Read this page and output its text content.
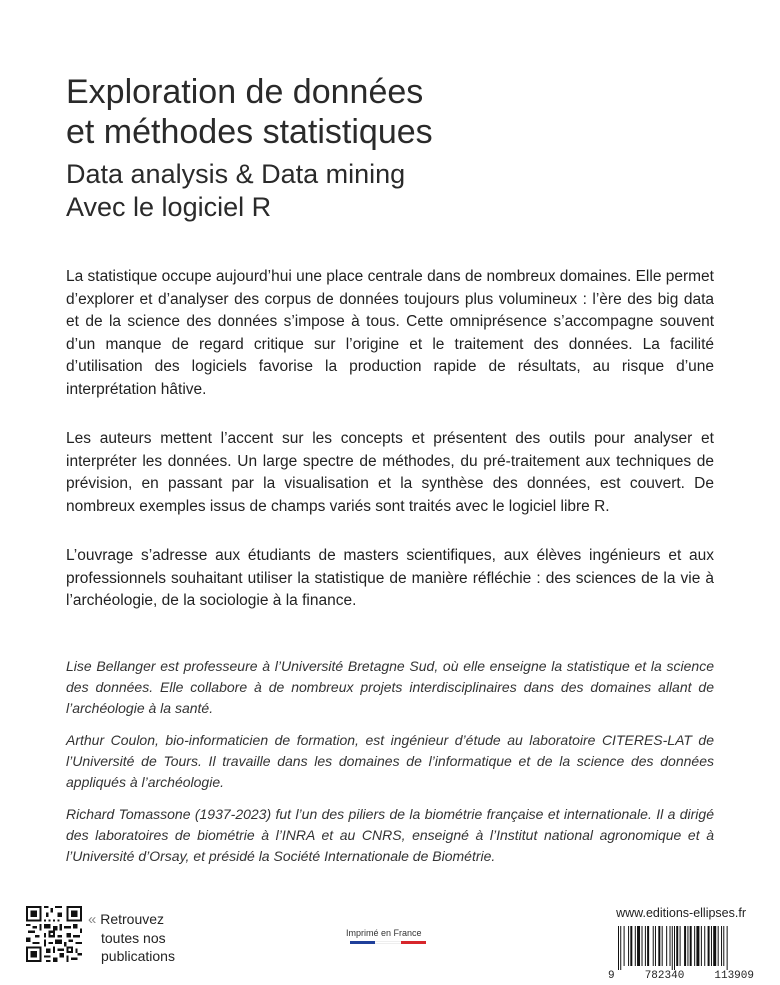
Exploration de données
et méthodes statistiques
Data analysis & Data mining
Avec le logiciel R

La statistique occupe aujourd’hui une place centrale dans de nombreux domaines. Elle permet d’explorer et d’analyser des corpus de données toujours plus volumineux : l’ère des big data et de la science des données s’impose à tous. Cette omniprésence s’accompagne souvent d’un manque de regard critique sur l’origine et le traitement des données. La facilité d’utilisation des logiciels favorise la production rapide de résultats, au risque d’une interprétation hâtive.

Les auteurs mettent l’accent sur les concepts et présentent des outils pour analyser et interpréter les données. Un large spectre de méthodes, du pré-traitement aux techniques de prévision, en passant par la visualisation et la synthèse des données, est couvert. De nombreux exemples issus de champs variés sont traités avec le logiciel libre R.

L’ouvrage s’adresse aux étudiants de masters scientifiques, aux élèves ingénieurs et aux professionnels souhaitant utiliser la statistique de manière réfléchie : des sciences de la vie à l’archéologie, de la sociologie à la finance.

Lise Bellanger est professeure à l’Université Bretagne Sud, où elle enseigne la statistique et la science des données. Elle collabore à de nombreux projets interdisciplinaires dans des domaines allant de l’archéologie à la santé.

Arthur Coulon, bio-informaticien de formation, est ingénieur d’étude au laboratoire CITERES-LAT de l’Université de Tours. Il travaille dans les domaines de l’informatique et de la science des données appliqués à l’archéologie.

Richard Tomassone (1937-2023) fut l’un des piliers de la biométrie française et internationale. Il a dirigé des laboratoires de biométrie à l’INRA et au CNRS, enseigné à l’Institut national agronomique et à l’Université d’Orsay, et présidé la Société Internationale de Biométrie.

« Retrouvez
toutes nos
publications
Imprimé en France
www.editions-ellipses.fr
9	782340	113909
